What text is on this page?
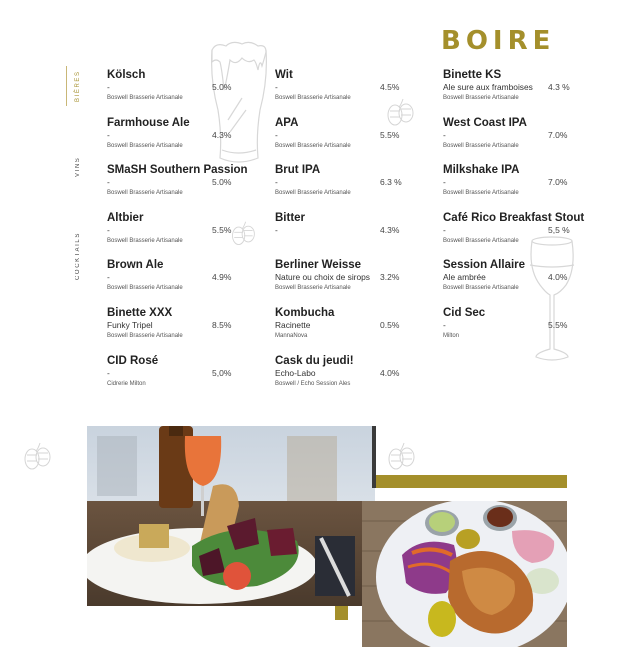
BOIRE
BIÈRES
VINS
COCKTAILS
Kölsch
-
Boswell Brasserie Artisanale
5.0%
Farmhouse Ale
-
Boswell Brasserie Artisanale
4.3%
SMaSH Southern Passion
-
Boswell Brasserie Artisanale
5.0%
Altbier
-
Boswell Brasserie Artisanale
5.5%
Brown Ale
-
Boswell Brasserie Artisanale
4.9%
Binette XXX
Funky Tripel
Boswell Brasserie Artisanale
8.5%
CID Rosé
-
Cidrerie Milton
5,0%
Wit
-
Boswell Brasserie Artisanale
4.5%
APA
-
Boswell Brasserie Artisanale
5.5%
Brut IPA
-
Boswell Brasserie Artisanale
6.3 %
Bitter
-	4.3%
Berliner Weisse
Nature ou choix de sirops
Boswell Brasserie Artisanale
3.2%
Kombucha
Racinette
MannaNova
0.5%
Cask du jeudi!
Echo-Labo
Boswell / Echo Session Ales
4.0%
Binette KS
Ale sure aux framboises
Boswell Brasserie Artisanale
4.3 %
West Coast IPA
-
Boswell Brasserie Artisanale
7.0%
Milkshake IPA
-
Boswell Brasserie Artisanale
7.0%
Café Rico Breakfast Stout
-
Boswell Brasserie Artisanale
5,5 %
Session Allaire
Ale ambrée
Boswell Brasserie Artisanale
4.0%
Cid Sec
-
Milton
5.5%
